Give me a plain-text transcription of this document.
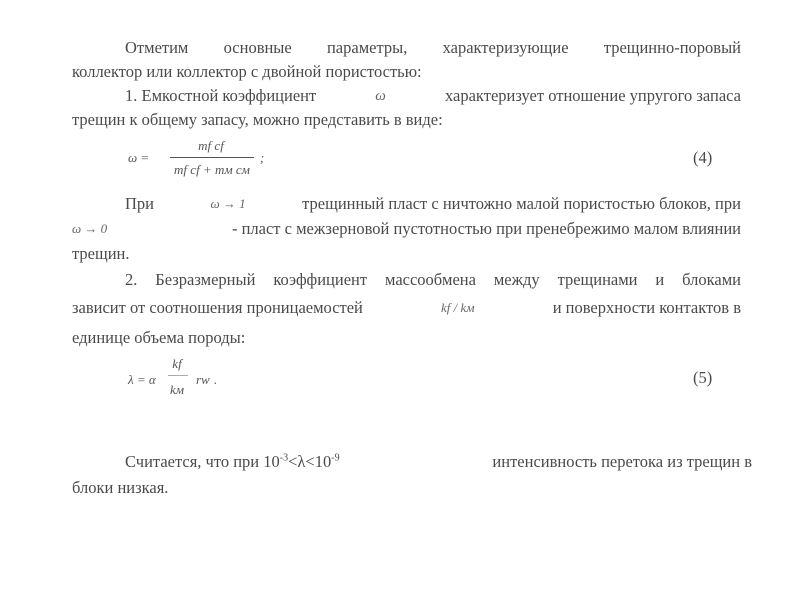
Отметим основные параметры, характеризующие трещинно-поровый
коллектор или коллектор с двойной пористостью:
1. Емкостной коэффициент	ω	характеризует отношение упругого запаса
трещин к общему запасу, можно представить в виде:
ω =
mf cf
mf cf + mм cм
;	(4)
При	ω → 1	трещинный пласт с ничтожно малой пористостью блоков, при
ω → 0	- пласт с межзерновой пустотностью при пренебрежимо малом влиянии
трещин.
2. Безразмерный коэффициент массообмена между трещинами и блоками
зависит от соотношения проницаемостей	kf / kм	и поверхности контактов в
единице объема породы:
λ = α
kf
kм
rw .	(5)
Считается, что при $10^{-3}<\lambda<10^{-9}$	интенсивность перетока из трещин в
блоки низкая.
